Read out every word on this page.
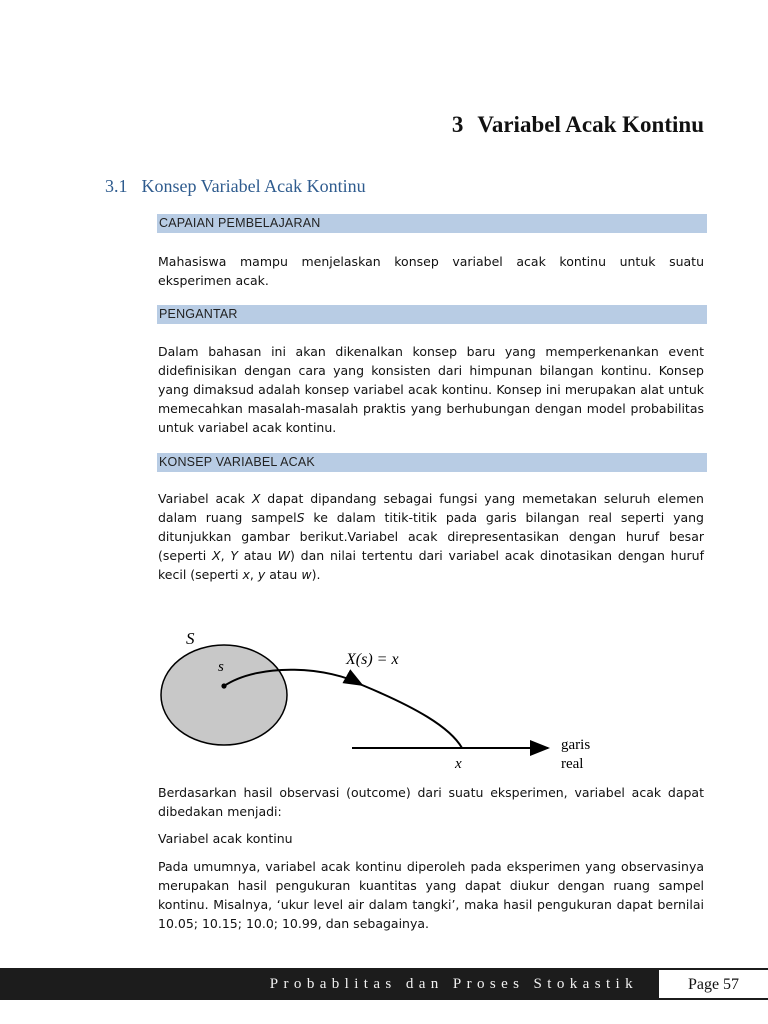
3 Variabel Acak Kontinu
3.1 Konsep Variabel Acak Kontinu
CAPAIAN PEMBELAJARAN

Mahasiswa mampu menjelaskan konsep variabel acak kontinu untuk suatu eksperimen acak.

PENGANTAR

Dalam bahasan ini akan dikenalkan konsep baru yang memperkenankan event didefinisikan dengan cara yang konsisten dari himpunan bilangan kontinu. Konsep yang dimaksud adalah konsep variabel acak kontinu. Konsep ini merupakan alat untuk memecahkan masalah-masalah praktis yang berhubungan dengan model probabilitas untuk variabel acak kontinu.

KONSEP VARIABEL ACAK

Variabel acak X dapat dipandang sebagai fungsi yang memetakan seluruh elemen dalam ruang sampelS ke dalam titik-titik pada garis bilangan real seperti yang ditunjukkan gambar berikut.Variabel acak direpresentasikan dengan huruf besar (seperti X, Y atau W) dan nilai tertentu dari variabel acak dinotasikan dengan huruf kecil (seperti x, y atau w).

S
s	X(s) = x
x
garis
real

Berdasarkan hasil observasi (outcome) dari suatu eksperimen, variabel acak dapat dibedakan menjadi:

Variabel acak kontinu

Pada umumnya, variabel acak kontinu diperoleh pada eksperimen yang observasinya merupakan hasil pengukuran kuantitas yang dapat diukur dengan ruang sampel kontinu. Misalnya, ‘ukur level air dalam tangki’, maka hasil pengukuran dapat bernilai 10.05; 10.15; 10.0; 10.99, dan sebagainya.

Probablitas dan Proses Stokastik	Page 57
